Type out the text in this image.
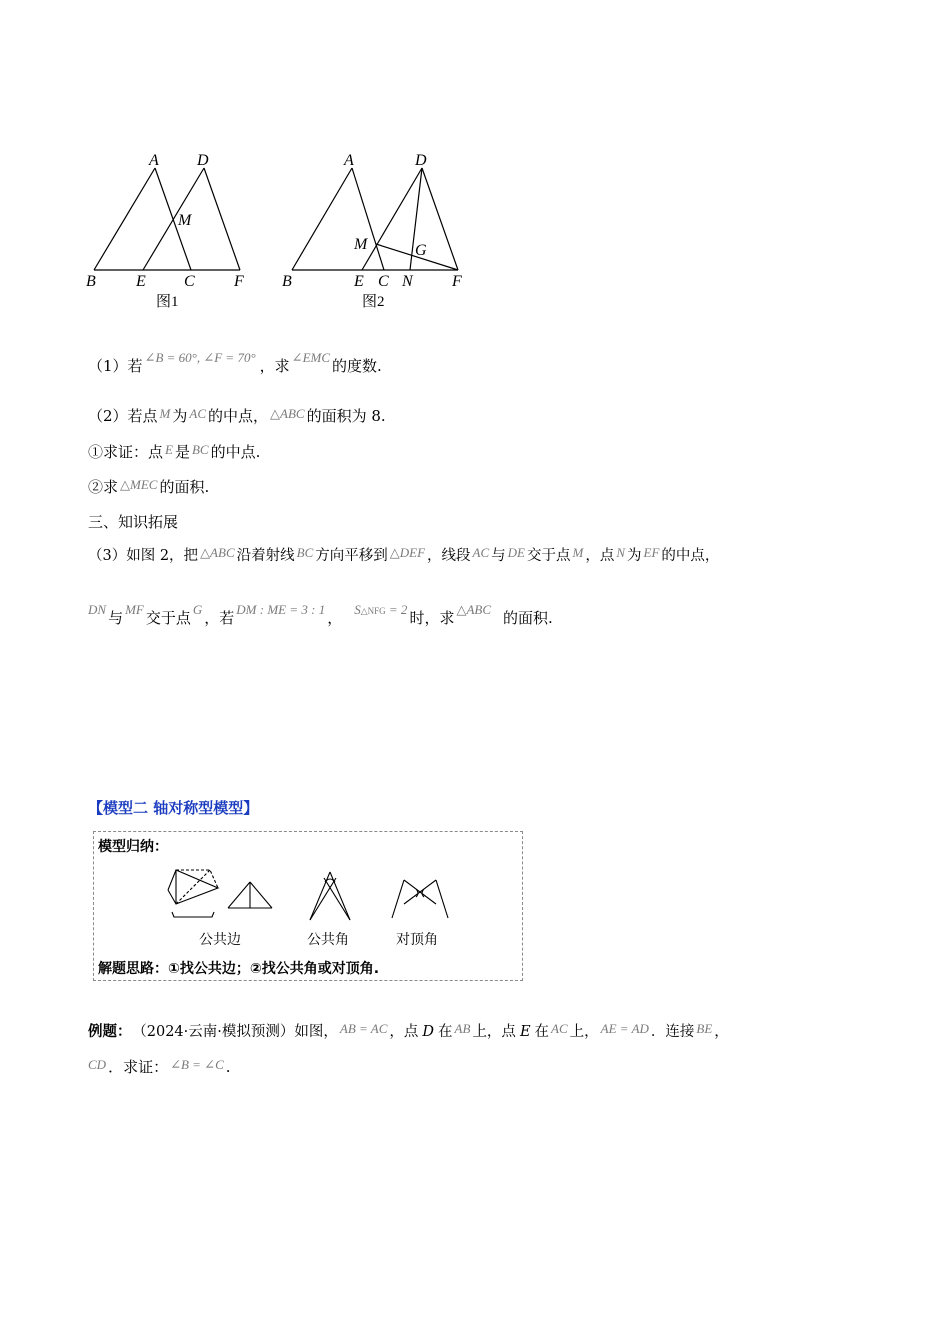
A D
M
B	E C F
图1
A	D
M	G
B	E C N F
图2
（1）若 ∠B = 60°, ∠F = 70° ，求 ∠EMC 的度数.
（2）若点 M 为 AC 的中点， △ABC 的面积为 8.
①求证：点 E 是 BC 的中点.
②求 △MEC 的面积.
三、知识拓展
（3）如图 2，把 △ABC 沿着射线 BC 方向平移到 △DEF ，线段 AC 与 DE 交于点 M ，点 N 为 EF 的中点，
DN 与 MF 交于点 G ，若 DM : ME = 3 : 1 ， S△NFG = 2 时，求 △ABC 的面积.
【模型二 轴对称型模型】
模型归纳：
公共边	公共角	对顶角
解题思路：①找公共边；②找公共角或对顶角.
例题： （2024·云南·模拟预测）如图， AB = AC ，点 D 在 AB 上，点 E 在 AC 上， AE = AD ．连接 BE ，
CD ．求证： ∠B = ∠C .
